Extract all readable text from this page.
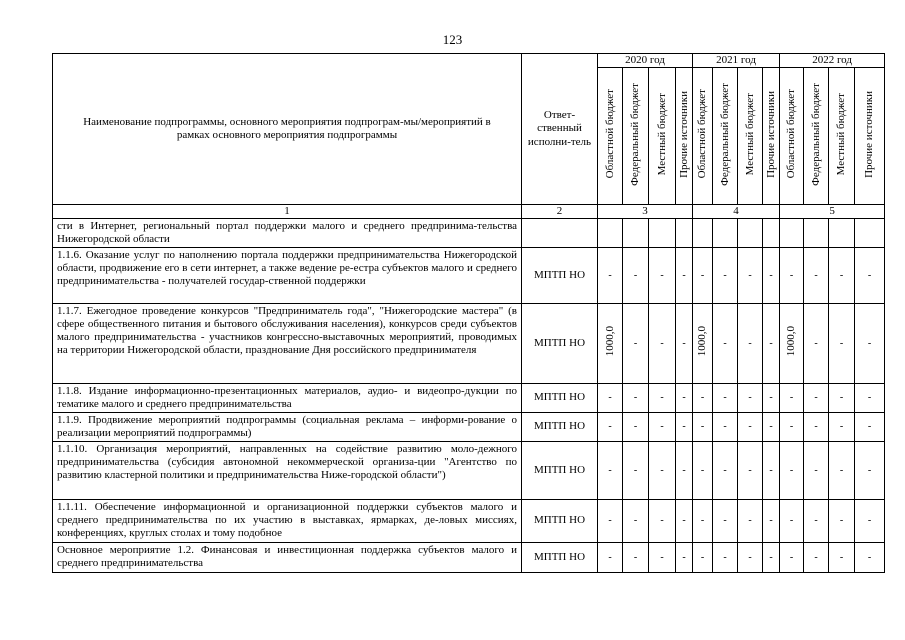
123
Наименование подпрограммы, основного мероприятия подпрограм-мы/мероприятий в рамках основного мероприятия подпрограммы	Ответ-ственный исполни-тель	2020 год				2021 год				2022 год			
		Областной бюджет	Федеральный бюджет	Местный бюджет	Прочие источники	Областной бюджет	Федеральный бюджет	Местный бюджет	Прочие источники	Областной бюджет	Федеральный бюджет	Местный бюджет	Прочие источники
1	2	3				4				5			
сти в Интернет, региональный портал поддержки малого и среднего предпринима-тельства Нижегородской области													
1.1.6. Оказание услуг по наполнению портала поддержки предпринимательства Нижегородской области, продвижение его в сети интернет, а также ведение ре-естра субъектов малого и среднего предпринимательства - получателей государ-ственной поддержки	МПТП НО	-	-	-	-	-	-	-	-	-	-	-	-
1.1.7. Ежегодное проведение конкурсов "Предприниматель года", "Нижегородские мастера" (в сфере общественного питания и бытового обслуживания населения), конкурсов среди субъектов малого предпринимательства - участников конгрессно-выставочных мероприятий, проводимых на территории Нижегородской области, празднование Дня российского предпринимателя	МПТП НО	1000,0	-	-	-	1000,0	-	-	-	1000,0	-	-	-
1.1.8. Издание информационно-презентационных материалов, аудио- и видеопро-дукции по тематике малого и среднего предпринимательства	МПТП НО	-	-	-	-	-	-	-	-	-	-	-	-
1.1.9. Продвижение мероприятий подпрограммы (социальная реклама – информи-рование о реализации мероприятий подпрограммы)	МПТП НО	-	-	-	-	-	-	-	-	-	-	-	-
1.1.10. Организация мероприятий, направленных на содействие развитию моло-дежного предпринимательства (субсидия автономной некоммерческой организа-ции "Агентство по развитию кластерной политики и предпринимательства Ниже-городской области")	МПТП НО	-	-	-	-	-	-	-	-	-	-	-	-
1.1.11. Обеспечение информационной и организационной поддержки субъектов малого и среднего предпринимательства по их участию в выставках, ярмарках, де-ловых миссиях, конференциях, круглых столах и тому подобное	МПТП НО	-	-	-	-	-	-	-	-	-	-	-	-
Основное мероприятие 1.2. Финансовая и инвестиционная поддержка субъектов малого и среднего предпринимательства	МПТП НО	-	-	-	-	-	-	-	-	-	-	-	-
